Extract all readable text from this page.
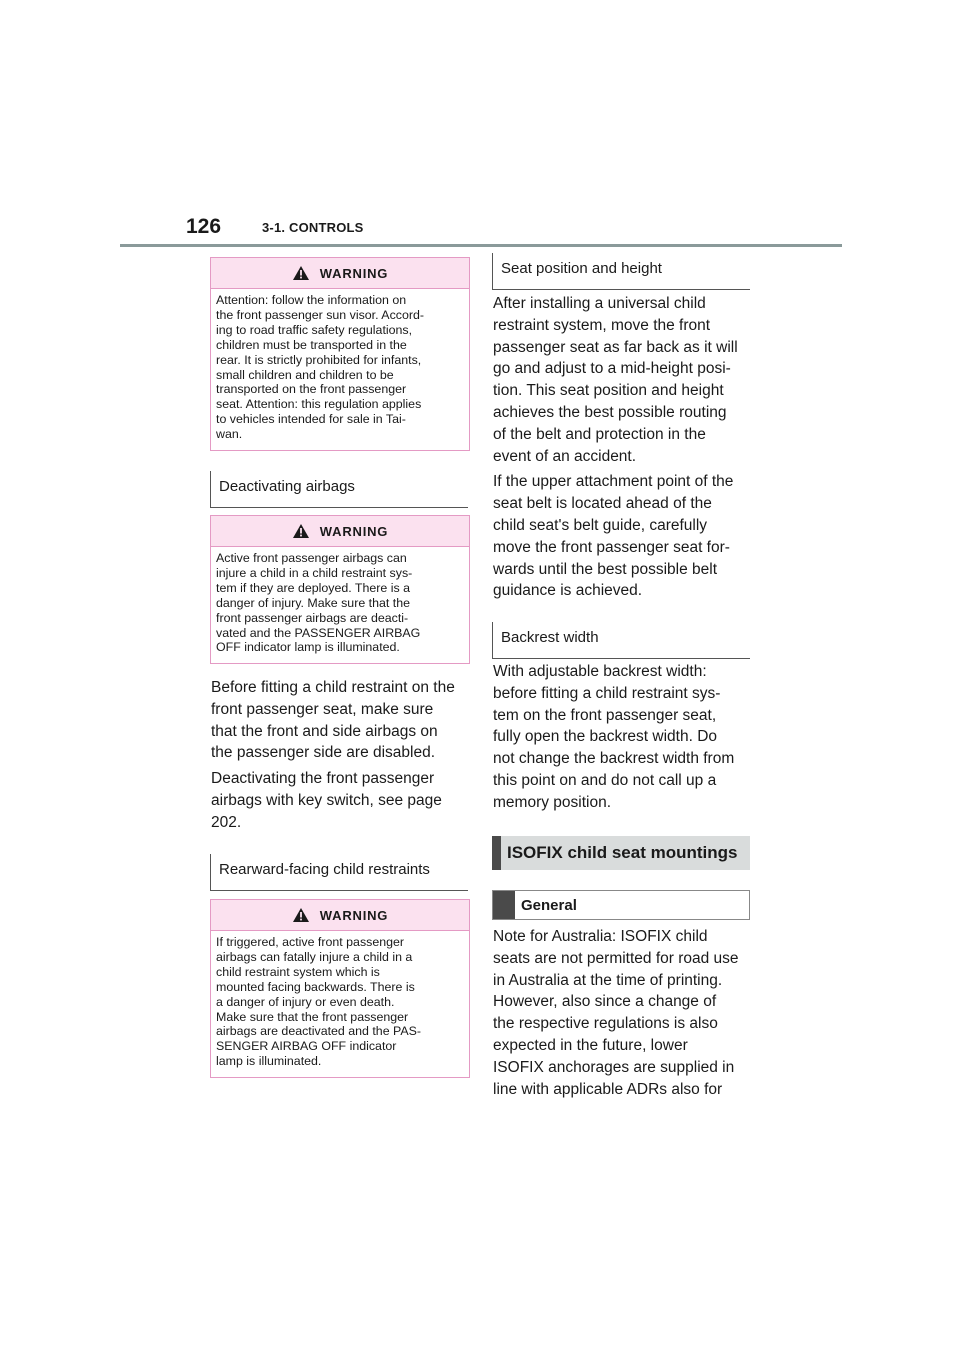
126	3-1. CONTROLS
WARNING
Attention: follow the information on
the front passenger sun visor. Accord-
ing to road traffic safety regulations,
children must be transported in the
rear. It is strictly prohibited for infants,
small children and children to be
transported on the front passenger
seat. Attention: this regulation applies
to vehicles intended for sale in Tai-
wan.
Deactivating airbags
WARNING
Active front passenger airbags can
injure a child in a child restraint sys-
tem if they are deployed. There is a
danger of injury. Make sure that the
front passenger airbags are deacti-
vated and the PASSENGER AIRBAG
OFF indicator lamp is illuminated.

Before fitting a child restraint on the
front passenger seat, make sure
that the front and side airbags on
the passenger side are disabled.

Deactivating the front passenger
airbags with key switch, see page
202.

Rearward-facing child restraints
WARNING
If triggered, active front passenger
airbags can fatally injure a child in a
child restraint system which is
mounted facing backwards. There is
a danger of injury or even death.
Make sure that the front passenger
airbags are deactivated and the PAS-
SENGER AIRBAG OFF indicator
lamp is illuminated.
Seat position and height

After installing a universal child
restraint system, move the front
passenger seat as far back as it will
go and adjust to a mid-height posi-
tion. This seat position and height
achieves the best possible routing
of the belt and protection in the
event of an accident.

If the upper attachment point of the
seat belt is located ahead of the
child seat's belt guide, carefully
move the front passenger seat for-
wards until the best possible belt
guidance is achieved.

Backrest width

With adjustable backrest width:
before fitting a child restraint sys-
tem on the front passenger seat,
fully open the backrest width. Do
not change the backrest width from
this point on and do not call up a
memory position.

ISOFIX child seat mountings
General

Note for Australia: ISOFIX child
seats are not permitted for road use
in Australia at the time of printing.
However, also since a change of
the respective regulations is also
expected in the future, lower
ISOFIX anchorages are supplied in
line with applicable ADRs also for
